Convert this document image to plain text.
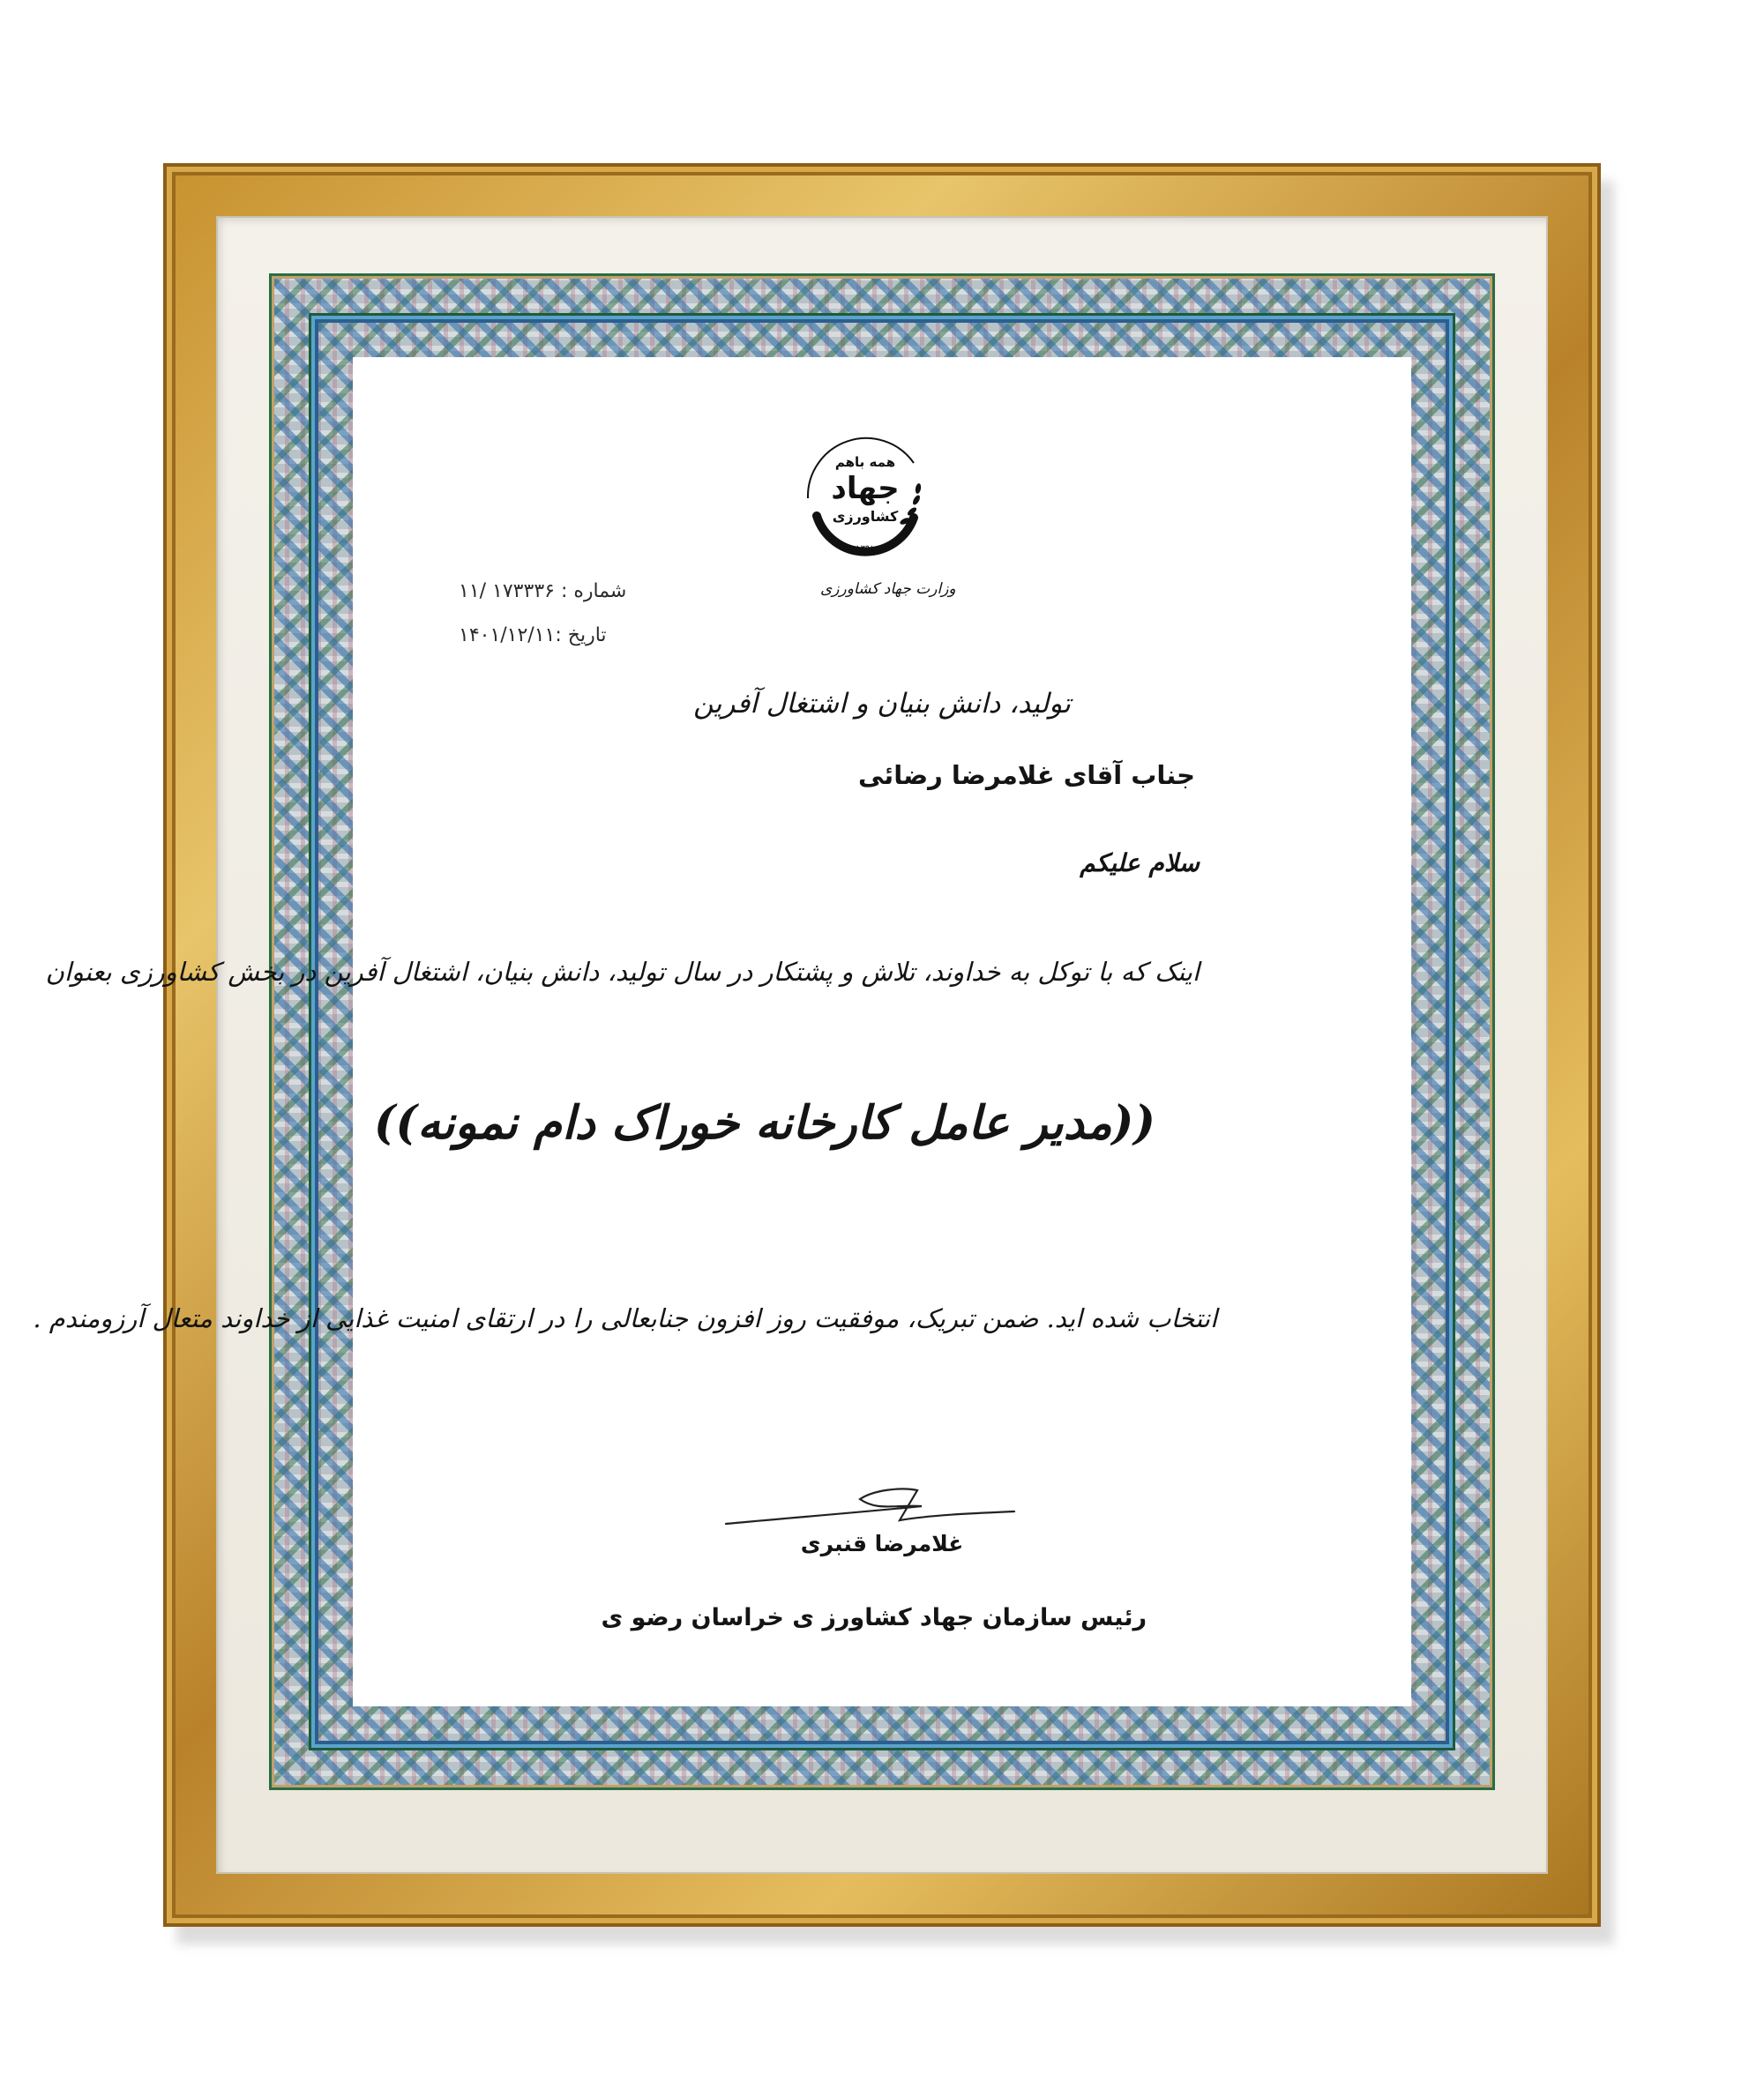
همه باهم
جهاد
کشاورزی
۱۳۹۱
وزارت جهاد کشاورزی
شماره : ۱۷۳۳۳۶ /۱۱
تاریخ :۱۴۰۱/۱۲/۱۱
تولید، دانش بنیان و اشتغال آفرین
جناب آقای غلامرضا رضائی
سلام علیکم
اینک که با توکل به خداوند، تلاش و پشتکار در سال تولید، دانش بنیان، اشتغال آفرین در بخش کشاورزی بعنوان
((مدیر عامل کارخانه خوراک دام نمونه))
انتخاب شده اید. ضمن تبریک، موفقیت روز افزون جنابعالی را در ارتقای امنیت غذایی از خداوند متعال آرزومندم .
غلامرضا قنبری
رئیس سازمان جهاد کشاورز ی خراسان رضو ی
